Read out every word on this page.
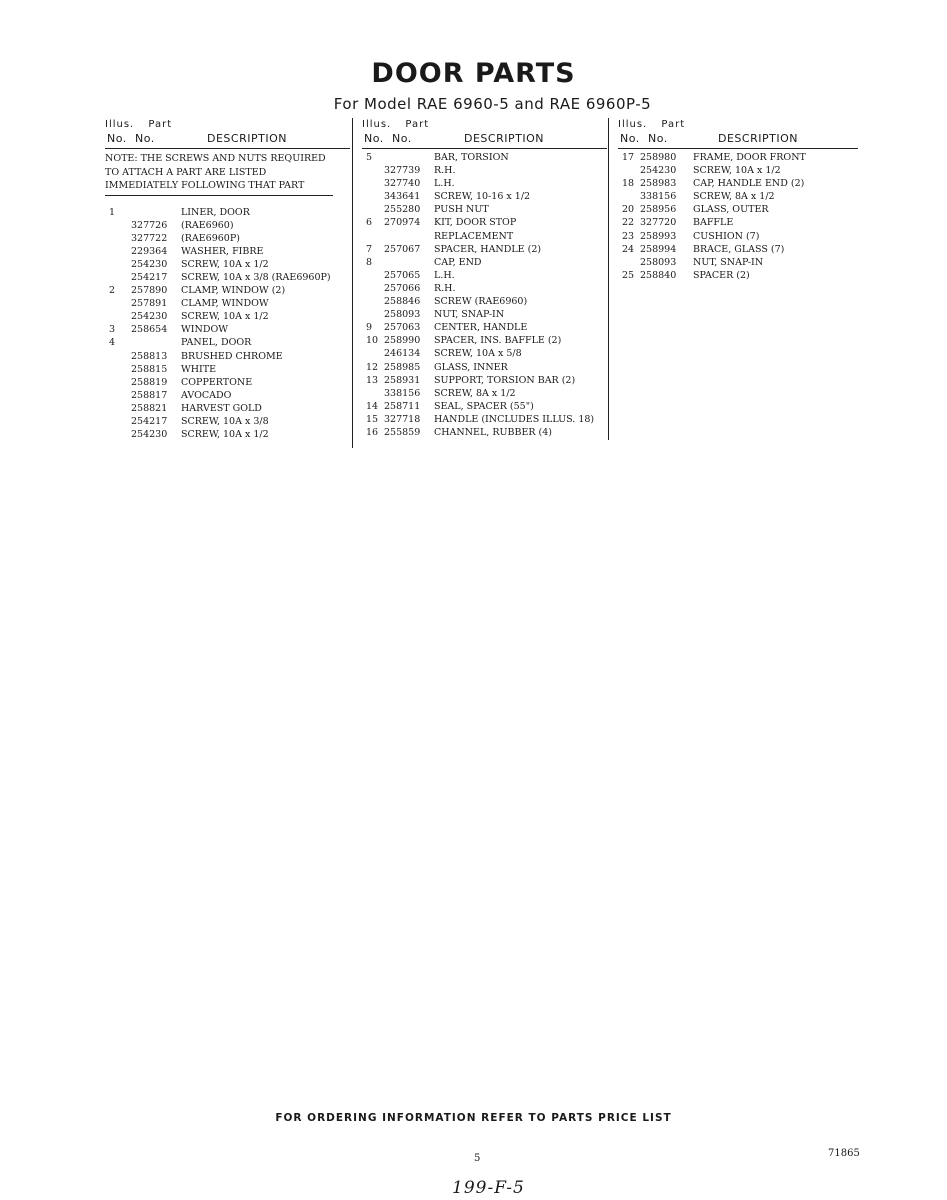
DOOR PARTS
For Model RAE 6960-5 and RAE 6960P-5
Illus. Part
No. No.	DESCRIPTION
NOTE: THE SCREWS AND NUTS REQUIRED TO ATTACH A PART ARE LISTED IMMEDIATELY FOLLOWING THAT PART
1	LINER, DOOR
327726 (RAE6960)
327722 (RAE6960P)
229364 WASHER, FIBRE
254230 SCREW, 10A x 1/2
254217 SCREW, 10A x 3/8 (RAE6960P)
2 257890 CLAMP, WINDOW (2)
257891 CLAMP, WINDOW
254230 SCREW, 10A x 1/2
3 258654 WINDOW
4	PANEL, DOOR
258813 BRUSHED CHROME
258815 WHITE
258819 COPPERTONE
258817 AVOCADO
258821 HARVEST GOLD
254217 SCREW, 10A x 3/8
254230 SCREW, 10A x 1/2
Illus. Part
No. No.	DESCRIPTION
5	BAR, TORSION
327739 R.H.
327740 L.H.
343641 SCREW, 10-16 x 1/2
255280 PUSH NUT
6 270974 KIT, DOOR STOP
REPLACEMENT
7 257067 SPACER, HANDLE (2)
8	CAP, END
257065 L.H.
257066 R.H.
258846 SCREW (RAE6960)
258093 NUT, SNAP-IN
9 257063 CENTER, HANDLE
10 258990 SPACER, INS. BAFFLE (2)
246134 SCREW, 10A x 5/8
12 258985 GLASS, INNER
13 258931 SUPPORT, TORSION BAR (2)
338156 SCREW, 8A x 1/2
14 258711 SEAL, SPACER (55")
15 327718 HANDLE (INCLUDES ILLUS. 18)
16 255859 CHANNEL, RUBBER (4)
Illus. Part
No. No.	DESCRIPTION
17 258980 FRAME, DOOR FRONT
254230 SCREW, 10A x 1/2
18 258983 CAP, HANDLE END (2)
338156 SCREW, 8A x 1/2
20 258956 GLASS, OUTER
22 327720 BAFFLE
23 258993 CUSHION (7)
24 258994 BRACE, GLASS (7)
258093 NUT, SNAP-IN
25 258840 SPACER (2)
FOR ORDERING INFORMATION REFER TO PARTS PRICE LIST
5	71865
199-F-5
